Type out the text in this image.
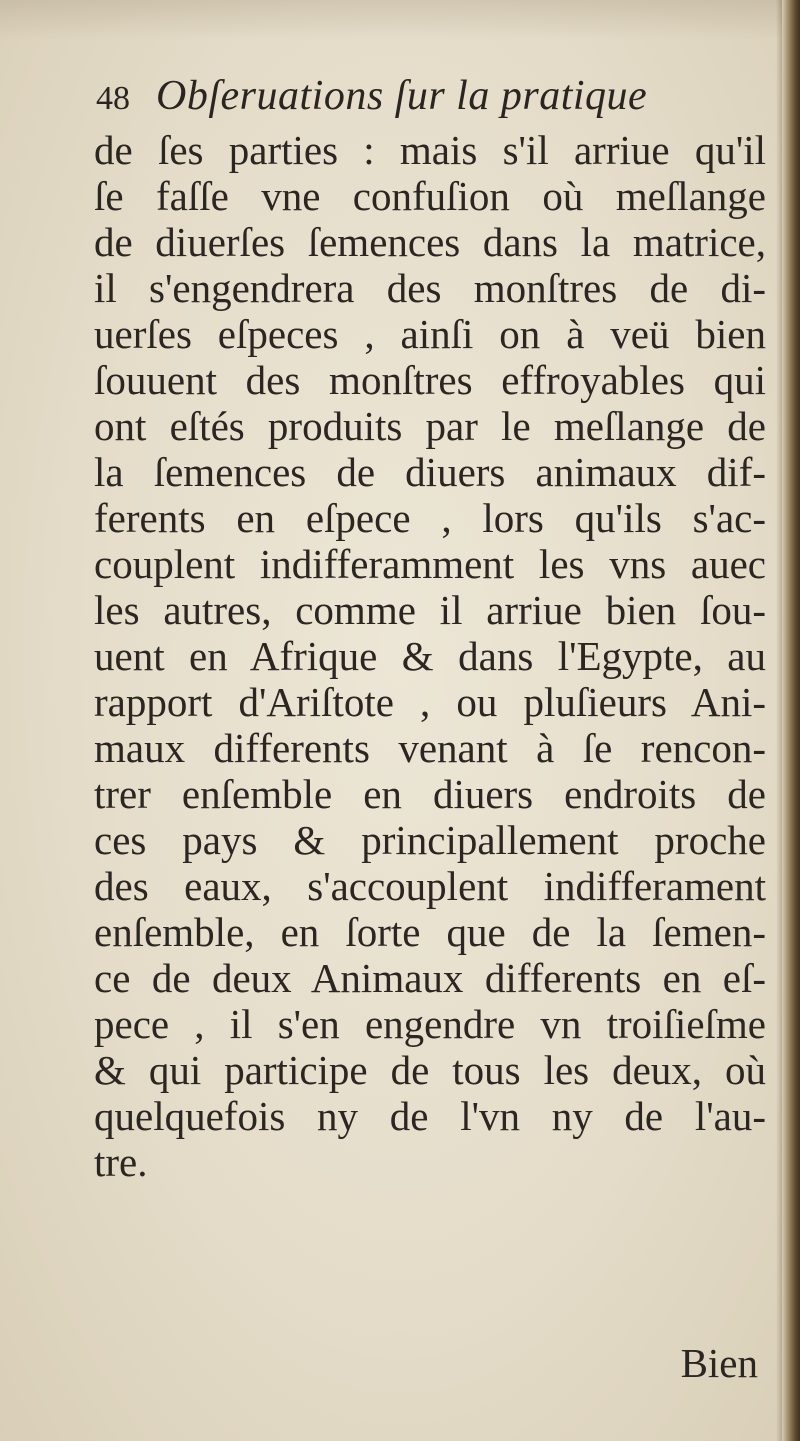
48 Obſeruations ſur la pratique
de ſes parties : mais s'il arriue qu'il
ſe faſſe vne confuſion où meſlange
de diuerſes ſemences dans la matrice,
il s'engendrera des monſtres de di-
uerſes eſpeces , ainſi on à veü bien
ſouuent des monſtres effroyables qui
ont eſtés produits par le meſlange de
la ſemences de diuers animaux dif-
ferents en eſpece , lors qu'ils s'ac-
couplent indifferamment les vns auec
les autres, comme il arriue bien ſou-
uent en Afrique & dans l'Egypte, au
rapport d'Ariſtote , ou pluſieurs Ani-
maux differents venant à ſe rencon-
trer enſemble en diuers endroits de
ces pays & principallement proche
des eaux, s'accouplent indifferament
enſemble, en ſorte que de la ſemen-
ce de deux Animaux differents en eſ-
pece , il s'en engendre vn troiſieſme
& qui participe de tous les deux, où
quelquefois ny de l'vn ny de l'au-
tre.
Bien
